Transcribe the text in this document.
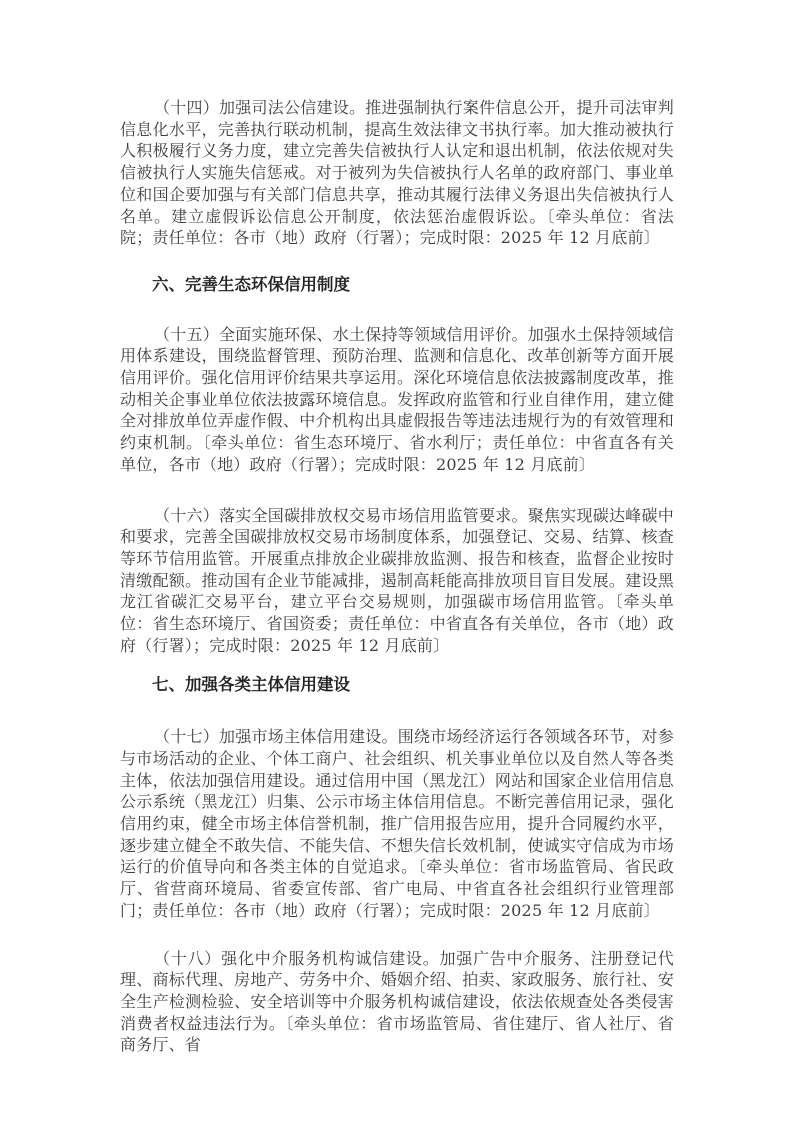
（十四）加强司法公信建设。推进强制执行案件信息公开，提升司法审判信息化水平，完善执行联动机制，提高生效法律文书执行率。加大推动被执行人积极履行义务力度，建立完善失信被执行人认定和退出机制，依法依规对失信被执行人实施失信惩戒。对于被列为失信被执行人名单的政府部门、事业单位和国企要加强与有关部门信息共享，推动其履行法律义务退出失信被执行人名单。建立虚假诉讼信息公开制度，依法惩治虚假诉讼。〔牵头单位：省法院；责任单位：各市（地）政府（行署）；完成时限：2025 年 12 月底前〕

六、完善生态环保信用制度

（十五）全面实施环保、水土保持等领域信用评价。加强水土保持领域信用体系建设，围绕监督管理、预防治理、监测和信息化、改革创新等方面开展信用评价。强化信用评价结果共享运用。深化环境信息依法披露制度改革，推动相关企事业单位依法披露环境信息。发挥政府监管和行业自律作用，建立健全对排放单位弄虚作假、中介机构出具虚假报告等违法违规行为的有效管理和约束机制。〔牵头单位：省生态环境厅、省水利厅；责任单位：中省直各有关单位，各市（地）政府（行署）；完成时限：2025 年 12 月底前〕

（十六）落实全国碳排放权交易市场信用监管要求。聚焦实现碳达峰碳中和要求，完善全国碳排放权交易市场制度体系，加强登记、交易、结算、核查等环节信用监管。开展重点排放企业碳排放监测、报告和核查，监督企业按时清缴配额。推动国有企业节能减排，遏制高耗能高排放项目盲目发展。建设黑龙江省碳汇交易平台，建立平台交易规则，加强碳市场信用监管。〔牵头单位：省生态环境厅、省国资委；责任单位：中省直各有关单位，各市（地）政府（行署）；完成时限：2025 年 12 月底前〕

七、加强各类主体信用建设

（十七）加强市场主体信用建设。围绕市场经济运行各领域各环节，对参与市场活动的企业、个体工商户、社会组织、机关事业单位以及自然人等各类主体，依法加强信用建设。通过信用中国（黑龙江）网站和国家企业信用信息公示系统（黑龙江）归集、公示市场主体信用信息。不断完善信用记录，强化信用约束，健全市场主体信誉机制，推广信用报告应用，提升合同履约水平，逐步建立健全不敢失信、不能失信、不想失信长效机制，使诚实守信成为市场运行的价值导向和各类主体的自觉追求。〔牵头单位：省市场监管局、省民政厅、省营商环境局、省委宣传部、省广电局、中省直各社会组织行业管理部门；责任单位：各市（地）政府（行署）；完成时限：2025 年 12 月底前〕

（十八）强化中介服务机构诚信建设。加强广告中介服务、注册登记代理、商标代理、房地产、劳务中介、婚姻介绍、拍卖、家政服务、旅行社、安全生产检测检验、安全培训等中介服务机构诚信建设，依法依规查处各类侵害消费者权益违法行为。〔牵头单位：省市场监管局、省住建厅、省人社厅、省商务厅、省
